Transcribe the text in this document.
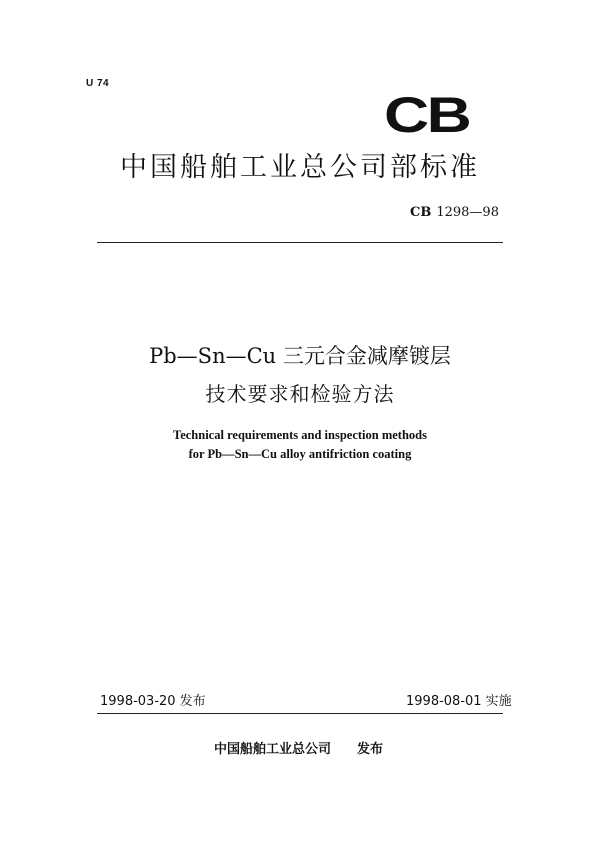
U 74
CB
中国船舶工业总公司部标准
CB 1298—98
Pb—Sn—Cu 三元合金减摩镀层
技术要求和检验方法
Technical requirements and inspection methods
for Pb—Sn—Cu alloy antifriction coating
1998-03-20 发布	1998-08-01 实施
中国船舶工业总公司 发布
